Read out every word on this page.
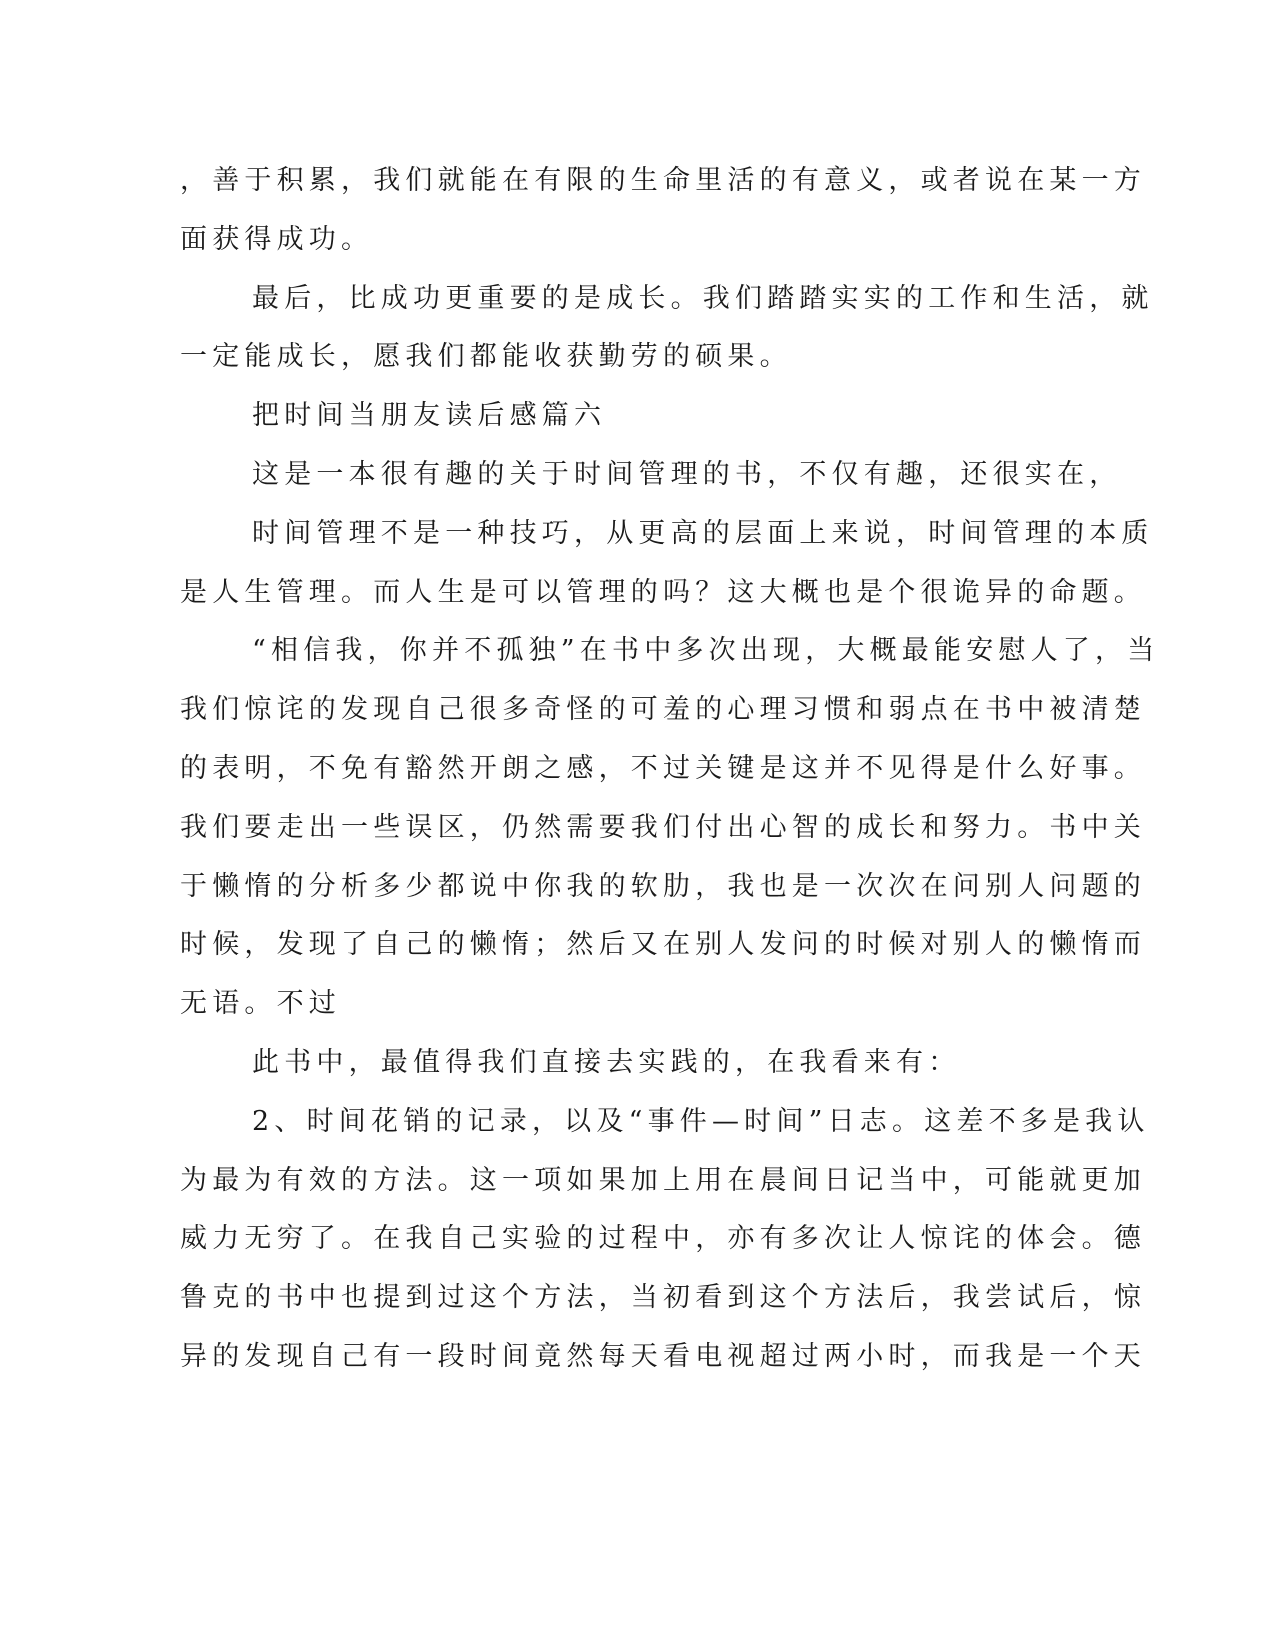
，善于积累，我们就能在有限的生命里活的有意义，或者说在某一方
面获得成功。
最后，比成功更重要的是成长。我们踏踏实实的工作和生活，就
一定能成长，愿我们都能收获勤劳的硕果。
把时间当朋友读后感篇六
这是一本很有趣的关于时间管理的书，不仅有趣，还很实在，
时间管理不是一种技巧，从更高的层面上来说，时间管理的本质
是人生管理。而人生是可以管理的吗？这大概也是个很诡异的命题。
“相信我，你并不孤独”在书中多次出现，大概最能安慰人了，当
我们惊诧的发现自己很多奇怪的可羞的心理习惯和弱点在书中被清楚
的表明，不免有豁然开朗之感，不过关键是这并不见得是什么好事。
我们要走出一些误区，仍然需要我们付出心智的成长和努力。书中关
于懒惰的分析多少都说中你我的软肋，我也是一次次在问别人问题的
时候，发现了自己的懒惰；然后又在别人发问的时候对别人的懒惰而
无语。不过
此书中，最值得我们直接去实践的，在我看来有：
2、时间花销的记录，以及“事件—时间”日志。这差不多是我认
为最为有效的方法。这一项如果加上用在晨间日记当中，可能就更加
威力无穷了。在我自己实验的过程中，亦有多次让人惊诧的体会。德
鲁克的书中也提到过这个方法，当初看到这个方法后，我尝试后，惊
异的发现自己有一段时间竟然每天看电视超过两小时，而我是一个天
